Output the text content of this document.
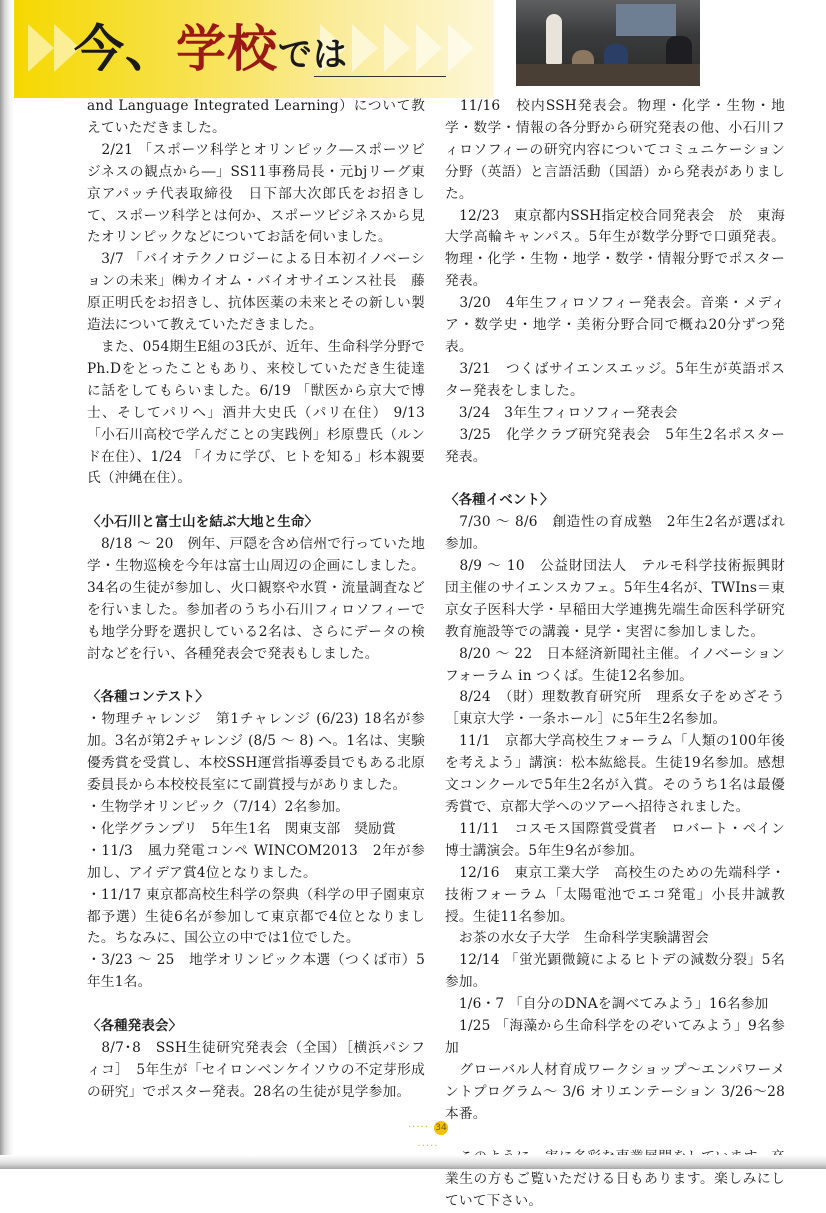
今、学校では

and Language Integrated Learning）について教えていただきました。

　2/21 「スポーツ科学とオリンピック―スポーツビジネスの観点から―」SS11事務局長・元bjリーグ東京アパッチ代表取締役　日下部大次郎氏をお招きして、スポーツ科学とは何か、スポーツビジネスから見たオリンピックなどについてお話を伺いました。

　3/7 「バイオテクノロジーによる日本初イノベーションの未来」㈱カイオム・バイオサイエンス社長　藤原正明氏をお招きし、抗体医薬の未来とその新しい製造法について教えていただきました。

　また、054期生E組の3氏が、近年、生命科学分野でPh.Dをとったこともあり、来校していただき生徒達に話をしてもらいました。6/19 「獣医から京大で博士、そしてパリへ」酒井大史氏（パリ在住） 9/13 「小石川高校で学んだことの実践例」杉原豊氏（ルンド在住）、1/24 「イカに学び、ヒトを知る」杉本親要氏（沖縄在住）。

〈小石川と富士山を結ぶ大地と生命〉

　8/18 ～ 20　例年、戸隠を含め信州で行っていた地学・生物巡検を今年は富士山周辺の企画にしました。34名の生徒が参加し、火口観察や水質・流量調査などを行いました。参加者のうち小石川フィロソフィーでも地学分野を選択している2名は、さらにデータの検討などを行い、各種発表会で発表もしました。

〈各種コンテスト〉

・物理チャレンジ　第1チャレンジ (6/23) 18名が参加。3名が第2チャレンジ (8/5 ～ 8) へ。1名は、実験優秀賞を受賞し、本校SSH運営指導委員でもある北原委員長から本校校長室にて副賞授与がありました。

・生物学オリンピック（7/14）2名参加。

・化学グランプリ　5年生1名　関東支部　奨励賞

・11/3　風力発電コンペ WINCOM2013　2年が参加し、アイデア賞4位となりました。

・11/17 東京都高校生科学の祭典（科学の甲子園東京都予選）生徒6名が参加して東京都で4位となりました。ちなみに、国公立の中では1位でした。

・3/23 ～ 25　地学オリンピック本選（つくば市）5年生1名。

〈各種発表会〉

　8/7･8　SSH生徒研究発表会（全国）［横浜パシフィコ］　5年生が「セイロンベンケイソウの不定芽形成の研究」でポスター発表。28名の生徒が見学参加。

　11/16　校内SSH発表会。物理・化学・生物・地学・数学・情報の各分野から研究発表の他、小石川フィロソフィーの研究内容についてコミュニケーション分野（英語）と言語活動（国語）から発表がありました。

　12/23　東京都内SSH指定校合同発表会　於　東海大学高輪キャンパス。5年生が数学分野で口頭発表。物理・化学・生物・地学・数学・情報分野でポスター発表。

　3/20　4年生フィロソフィー発表会。音楽・メディア・数学史・地学・美術分野合同で概ね20分ずつ発表。

　3/21　つくばサイエンスエッジ。5年生が英語ポスター発表をしました。

　3/24　3年生フィロソフィー発表会

　3/25　化学クラブ研究発表会　5年生2名ポスター発表。

〈各種イベント〉

　7/30 ～ 8/6　創造性の育成塾　2年生2名が選ばれ参加。

　8/9 ～ 10　公益財団法人　テルモ科学技術振興財団主催のサイエンスカフェ。5年生4名が、TWIns＝東京女子医科大学・早稲田大学連携先端生命医科学研究教育施設等での講義・見学・実習に参加しました。

　8/20 ～ 22　日本経済新聞社主催。イノベーションフォーラム in つくば。生徒12名参加。

　8/24　（財）理数教育研究所　理系女子をめざそう［東京大学・一条ホール］に5年生2名参加。

　11/1　京都大学高校生フォーラム「人類の100年後を考えよう」講演：松本紘総長。生徒19名参加。感想文コンクールで5年生2名が入賞。そのうち1名は最優秀賞で、京都大学へのツアーへ招待されました。

　11/11　コスモス国際賞受賞者　ロバート・ペイン博士講演会。5年生9名が参加。

　12/16　東京工業大学　高校生のための先端科学・技術フォーラム「太陽電池でエコ発電」小長井誠教授。生徒11名参加。

　お茶の水女子大学　生命科学実験講習会

　12/14 「蛍光顕微鏡によるヒトデの減数分裂」5名参加。

　1/6・7 「自分のDNAを調べてみよう」16名参加

　1/25 「海藻から生命科学をのぞいてみよう」9名参加

　グローバル人材育成ワークショップ～エンパワーメントプログラム～ 3/6 オリエンテーション 3/26～28 本番。

　業生の方もご覧いただける日もあります。楽しみにしていて下さい。

····· 34 ·····
